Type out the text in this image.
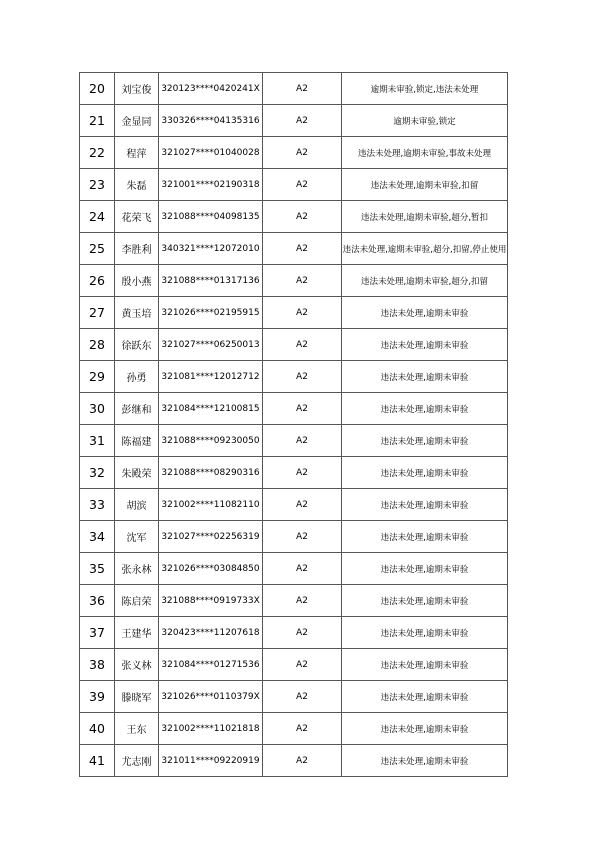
20	刘宝俊	320123****0420241X	A2	逾期未审验,锁定,违法未处理
21	金显同	330326****04135316	A2	逾期未审验,锁定
22	程萍	321027****01040028	A2	违法未处理,逾期未审验,事故未处理
23	朱磊	321001****02190318	A2	违法未处理,逾期未审验,扣留
24	花荣飞	321088****04098135	A2	违法未处理,逾期未审验,超分,暂扣
25	李胜利	340321****12072010	A2	违法未处理,逾期未审验,超分,扣留,停止使用
26	殷小燕	321088****01317136	A2	违法未处理,逾期未审验,超分,扣留
27	黄玉培	321026****02195915	A2	违法未处理,逾期未审验
28	徐跃东	321027****06250013	A2	违法未处理,逾期未审验
29	孙勇	321081****12012712	A2	违法未处理,逾期未审验
30	彭继和	321084****12100815	A2	违法未处理,逾期未审验
31	陈福建	321088****09230050	A2	违法未处理,逾期未审验
32	朱殿荣	321088****08290316	A2	违法未处理,逾期未审验
33	胡滨	321002****11082110	A2	违法未处理,逾期未审验
34	沈军	321027****02256319	A2	违法未处理,逾期未审验
35	张永林	321026****03084850	A2	违法未处理,逾期未审验
36	陈启荣	321088****0919733X	A2	违法未处理,逾期未审验
37	王建华	320423****11207618	A2	违法未处理,逾期未审验
38	张义林	321084****01271536	A2	违法未处理,逾期未审验
39	滕晓军	321026****0110379X	A2	违法未处理,逾期未审验
40	王东	321002****11021818	A2	违法未处理,逾期未审验
41	尤志刚	321011****09220919	A2	违法未处理,逾期未审验
